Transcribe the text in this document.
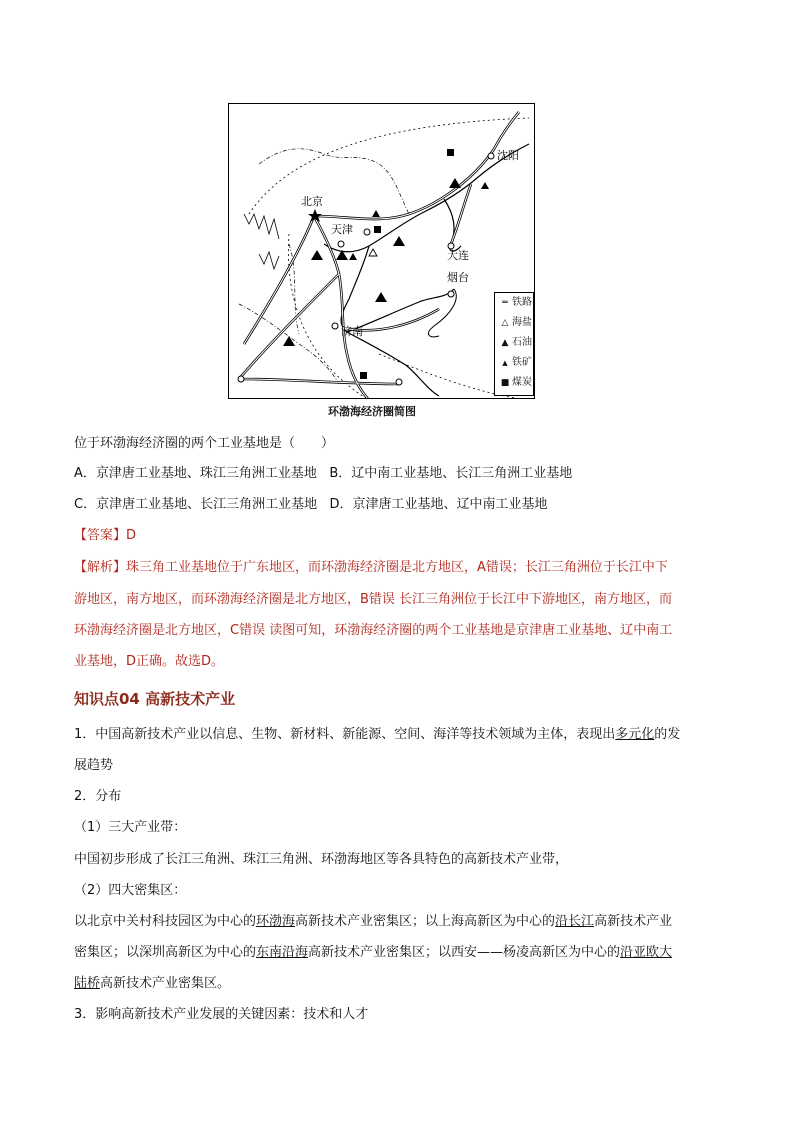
北京
天津
沈阳
大连
烟台
济南
═ 铁路
△ 海盐
▲ 石油
▲ 铁矿
■ 煤炭
环渤海经济圈简图
位于环渤海经济圈的两个工业基地是（　　）
A．京津唐工业基地、珠江三角洲工业基地 B．辽中南工业基地、长江三角洲工业基地
C．京津唐工业基地、长江三角洲工业基地 D．京津唐工业基地、辽中南工业基地
【答案】D
【解析】珠三角工业基地位于广东地区，而环渤海经济圈是北方地区，A错误；长江三角洲位于长江中下
游地区，南方地区，而环渤海经济圈是北方地区，B错误 长江三角洲位于长江中下游地区，南方地区，而
环渤海经济圈是北方地区，C错误 读图可知，环渤海经济圈的两个工业基地是京津唐工业基地、辽中南工
业基地，D正确。故选D。
知识点04 高新技术产业
1．中国高新技术产业以信息、生物、新材料、新能源、空间、海洋等技术领域为主体，表现出多元化的发
展趋势
2．分布
（1）三大产业带：
中国初步形成了长江三角洲、珠江三角洲、环渤海地区等各具特色的高新技术产业带，
（2）四大密集区：
以北京中关村科技园区为中心的环渤海高新技术产业密集区；以上海高新区为中心的沿长江高新技术产业
密集区；以深圳高新区为中心的东南沿海高新技术产业密集区；以西安——杨凌高新区为中心的沿亚欧大
陆桥高新技术产业密集区。
3．影响高新技术产业发展的关键因素：技术和人才
